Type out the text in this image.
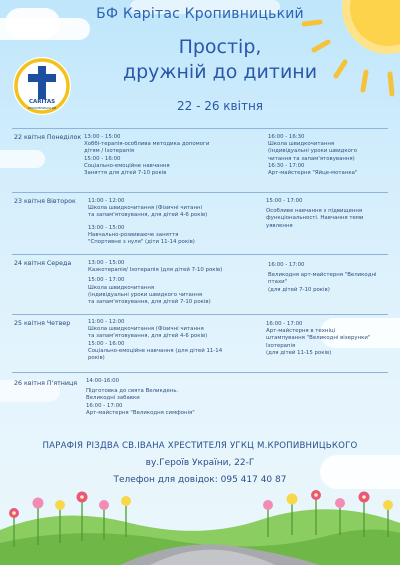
БФ Карітас Кропивницький
Простір,
дружній до дитини
22 - 26 квітня
CARITAS
КРОПИВНИЦЬКИЙ
22 квітня Понеділок 13:00 - 15:00
Хоббі-терапія-особлива методика допомоги
дітям / Ізотерапія
15:00 - 16:00
Соціально-емоційне навчання
Заняття для дітей 7-10 років
16:00 - 16:30
Школа швидкочитання
(індивідуальні уроки швидкого
читання та запам'ятовування)
16:30 - 17:00
Арт-майстерня "Яйце-мотанка"
23 квітня Вівторок 11:00 - 12:00
Школа швидкочитання (Фізичні читанні
та запам'ятовування, для дітей 4-6 років)
13:00 - 15:00
Навчально-розвиваюче заняття
"Спортивне з нуля" (діти 11-14 років)
15:00 - 17:00
Особливе навчання з підвищення
функціональності. Навчання теми
уявлення
24 квітня Середа	13:00 - 15:00
Казкотерапія/ Ізотерапія (для дітей 7-10 років)
15:00 - 17:00
Школа швидкочитання
(індивідуальні уроки швидкого читання
та запам'ятовування, для дітей 7-10 років)
16:00 - 17:00
Великодня арт-майстерня "Великодні
птахи"
(для дітей 7-10 років)
25 квітня Четвер	11:00 - 12:00
Школа швидкочитання (Фізичні читання
та запам'ятовування, для дітей 4-6 років)
15:00 - 16:00
Соціально-емоційне навчання (для дітей 11-14
років)
16:00 - 17:00
Арт-майстерня в техніці
штампування "Великодні візерунки"
Ізотерапія
(для дітей 11-15 років)
26 квітня П'ятниця 14:00-16:00
Підготовка до свята Великдень.
Великодні забавки
16:00 - 17:00
Арт-майстерня "Великодня симфонія"
ПАРАФІЯ РІЗДВА СВ.ІВАНА ХРЕСТИТЕЛЯ УГКЦ М.КРОПИВНИЦЬКОГО
ву.Героїв України, 22-Г
Телефон для довідок: 095 417 40 87
